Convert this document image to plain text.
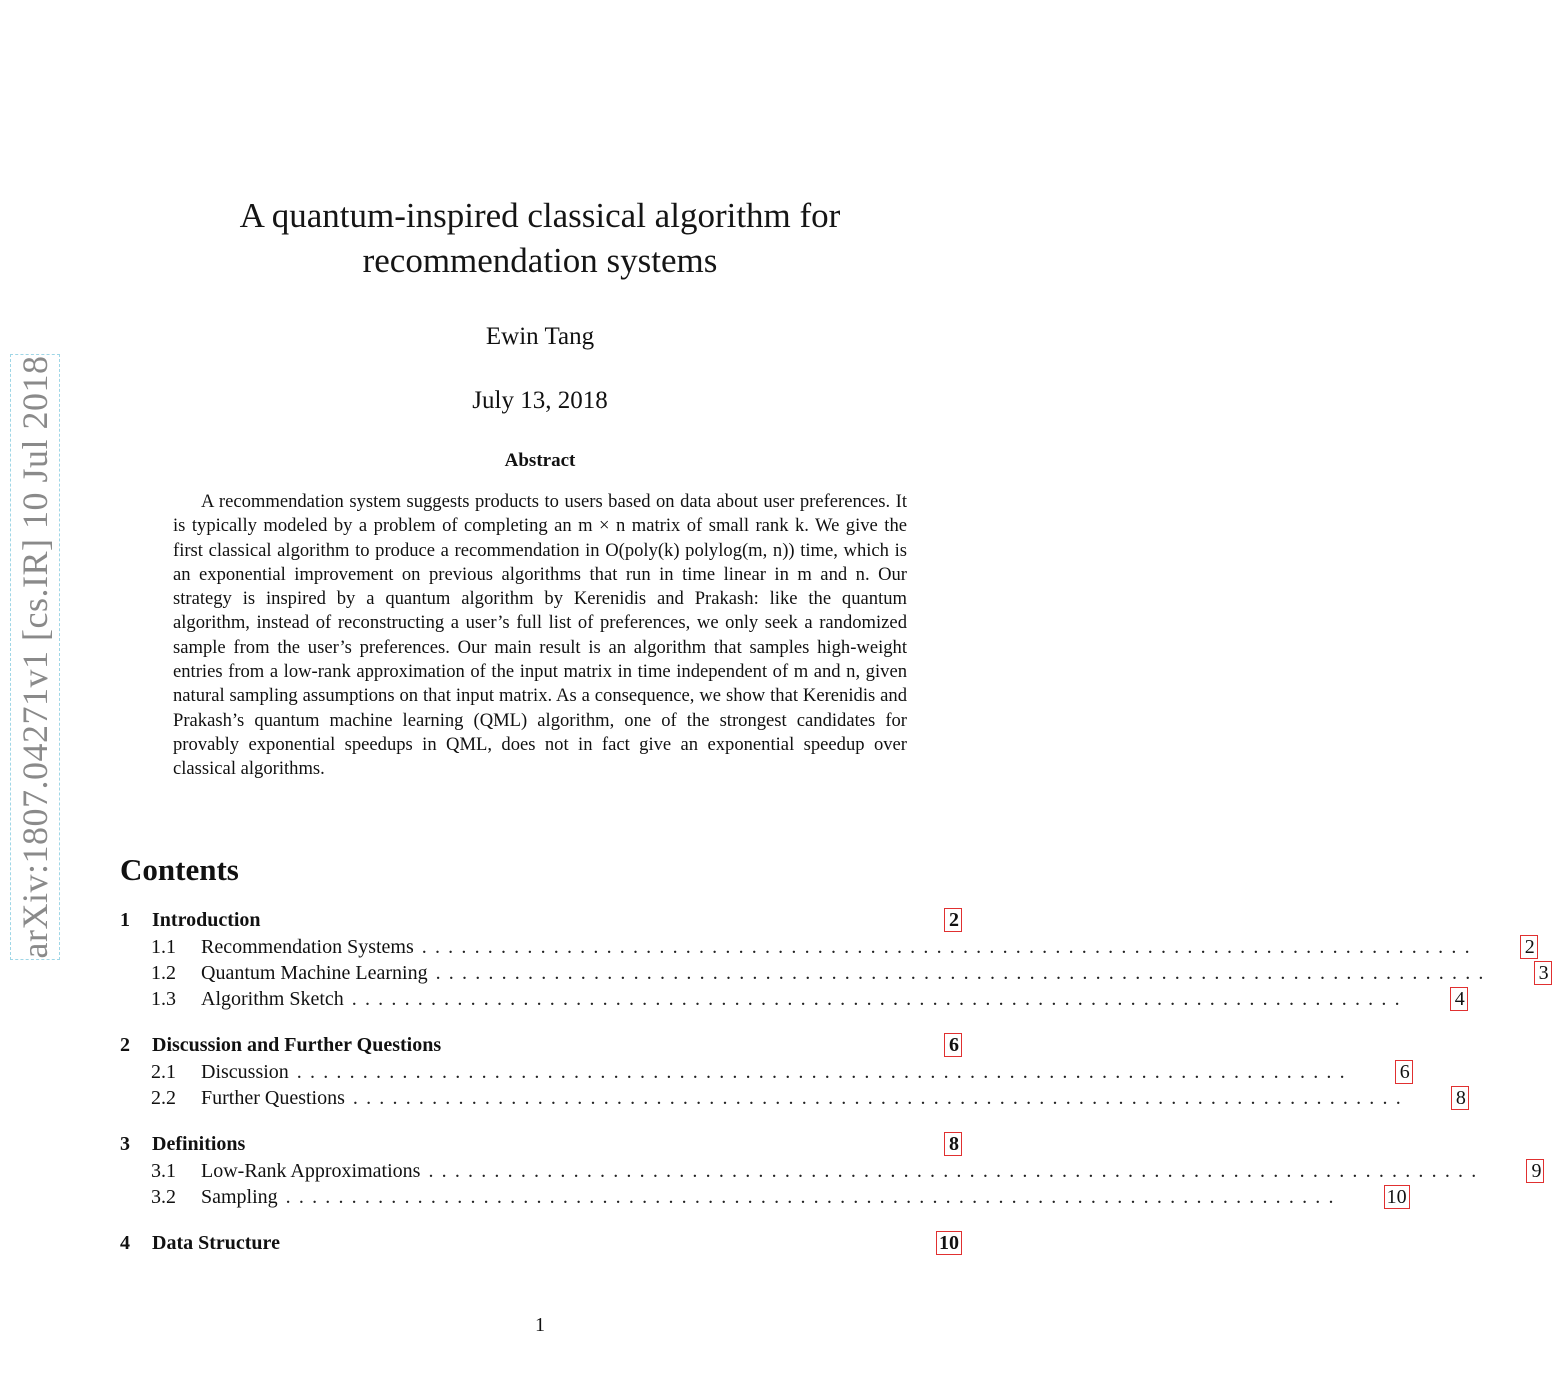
arXiv:1807.04271v1 [cs.IR] 10 Jul 2018
A quantum-inspired classical algorithm for
recommendation systems
Ewin Tang
July 13, 2018
Abstract

A recommendation system suggests products to users based on data about user preferences. It is typically modeled by a problem of completing an m × n matrix of small rank k. We give the first classical algorithm to produce a recommendation in O(poly(k) polylog(m, n)) time, which is an exponential improvement on previous algorithms that run in time linear in m and n. Our strategy is inspired by a quantum algorithm by Kerenidis and Prakash: like the quantum algorithm, instead of reconstructing a user’s full list of preferences, we only seek a randomized sample from the user’s preferences. Our main result is an algorithm that samples high-weight entries from a low-rank approximation of the input matrix in time independent of m and n, given natural sampling assumptions on that input matrix. As a consequence, we show that Kerenidis and Prakash’s quantum machine learning (QML) algorithm, one of the strongest candidates for provably exponential speedups in QML, does not in fact give an exponential speedup over classical algorithms.

Contents
1	Introduction	2
1.1	Recommendation Systems ................................................................................ 2
1.2	Quantum Machine Learning ................................................................................ 3
1.3	Algorithm Sketch ................................................................................ 4
2	Discussion and Further Questions	6
2.1	Discussion ................................................................................ 6
2.2	Further Questions ................................................................................ 8
3	Definitions	8
3.1	Low-Rank Approximations ................................................................................ 9
3.2	Sampling ................................................................................ 10
4	Data Structure	10
1
